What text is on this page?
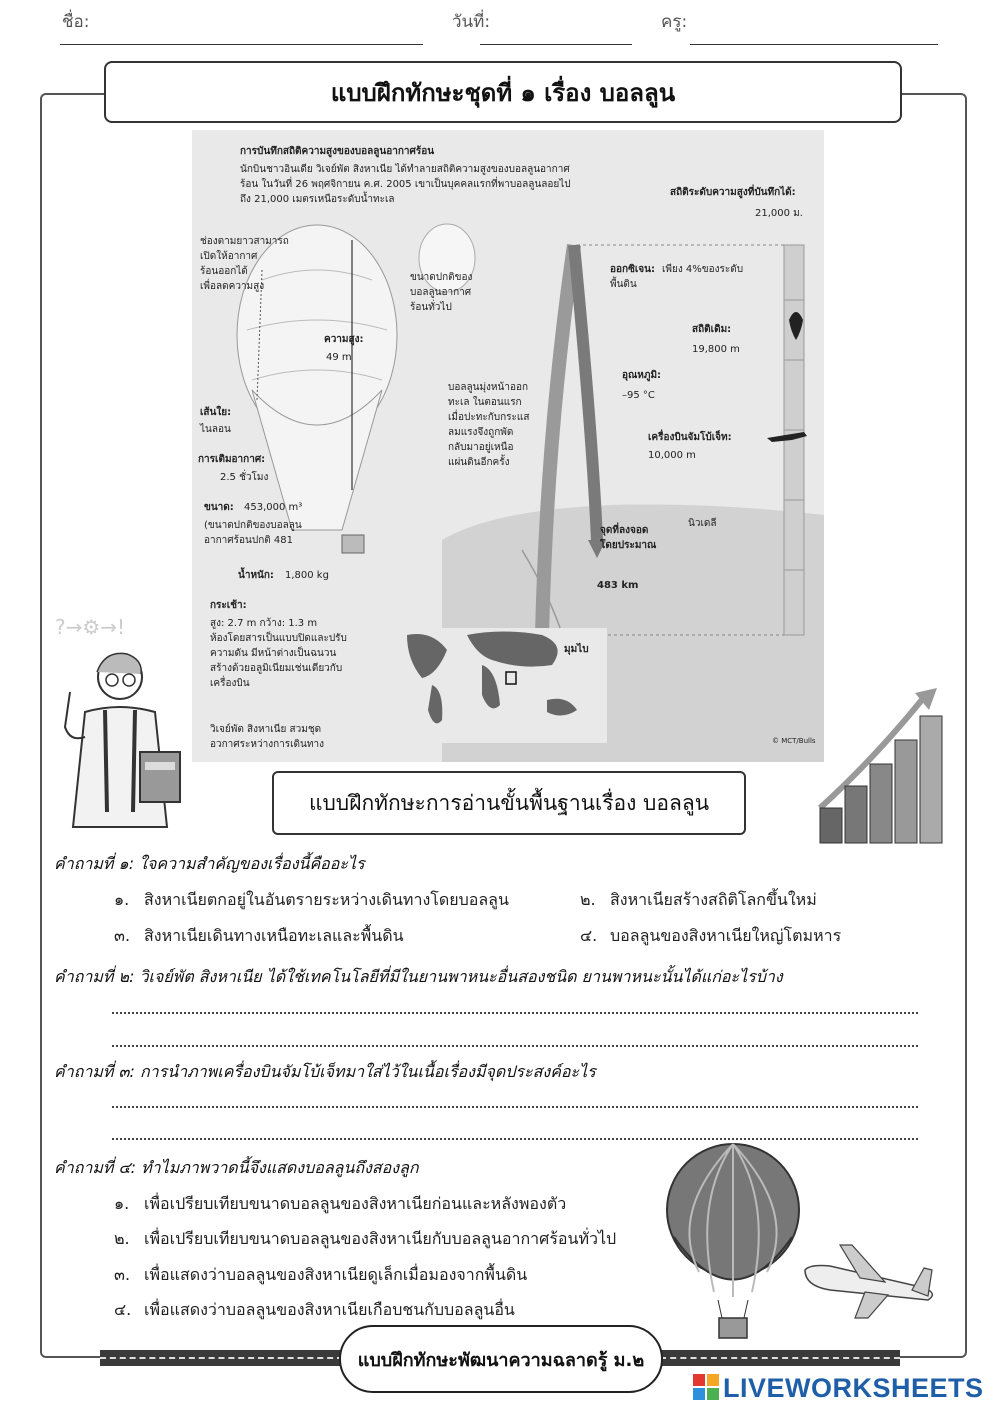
ชื่อ:	วันที่:	ครู:
แบบฝึกทักษะชุดที่ ๑ เรื่อง บอลลูน
การบันทึกสถิติความสูงของบอลลูนอากาศร้อน
นักบินชาวอินเดีย วิเจย์พัต สิงหาเนีย ได้ทำลายสถิติความสูงของบอลลูนอากาศ
ร้อน ในวันที่ 26 พฤศจิกายน ค.ศ. 2005 เขาเป็นบุคคลแรกที่พาบอลลูนลอยไป
ถึง 21,000 เมตรเหนือระดับน้ำทะเล
สถิติระดับความสูงที่บันทึกได้:
21,000 ม.
ช่องตามยาวสามารถ
เปิดให้อากาศ
ร้อนออกได้
เพื่อลดความสูง
ขนาดปกติของ
บอลลูนอากาศ
ร้อนทั่วไป
ความสูง:
49 m
ออกซิเจน: เพียง 4%ของระดับ
พื้นดิน
สถิติเดิม:
19,800 m
อุณหภูมิ:
–95 °C
เครื่องบินจัมโบ้เจ็ท:
10,000 m
เส้นใย:
ไนลอน
การเติมอากาศ:
2.5 ชั่วโมง
บอลลูนมุ่งหน้าออก
ทะเล ในตอนแรก
เมื่อปะทะกับกระแส
ลมแรงจึงถูกพัด
กลับมาอยู่เหนือ
แผ่นดินอีกครั้ง
ขนาด: 453,000 m³
(ขนาดปกติของบอลลูน
อากาศร้อนปกติ 481
จุดที่ลงจอด
โดยประมาณ
นิวเดลี
483 km
น้ำหนัก: 1,800 kg
กระเช้า:
สูง: 2.7 m กว้าง: 1.3 m
ห้องโดยสารเป็นแบบปิดและปรับ
ความดัน มีหน้าต่างเป็นฉนวน
สร้างด้วยอลูมิเนียมเช่นเดียวกับ
เครื่องบิน
วิเจย์พัต สิงหาเนีย สวมชุด
อวกาศระหว่างการเดินทาง
มุมไบ
© MCT/Bulls
?→⚙→!
แบบฝึกทักษะการอ่านขั้นพื้นฐานเรื่อง บอลลูน
คำถามที่ ๑: ใจความสำคัญของเรื่องนี้คืออะไร
๑. สิงหาเนียตกอยู่ในอันตรายระหว่างเดินทางโดยบอลลูน	๒. สิงหาเนียสร้างสถิติโลกขึ้นใหม่
๓. สิงหาเนียเดินทางเหนือทะเลและพื้นดิน	๔. บอลลูนของสิงหาเนียใหญ่โตมหาร
คำถามที่ ๒: วิเจย์พัต สิงหาเนีย ได้ใช้เทคโนโลยีที่มีในยานพาหนะอื่นสองชนิด ยานพาหนะนั้นได้แก่อะไรบ้าง
คำถามที่ ๓: การนำภาพเครื่องบินจัมโบ้เจ็ทมาใส่ไว้ในเนื้อเรื่องมีจุดประสงค์อะไร
คำถามที่ ๔: ทำไมภาพวาดนี้จึงแสดงบอลลูนถึงสองลูก
๑. เพื่อเปรียบเทียบขนาดบอลลูนของสิงหาเนียก่อนและหลังพองตัว
๒. เพื่อเปรียบเทียบขนาดบอลลูนของสิงหาเนียกับบอลลูนอากาศร้อนทั่วไป
๓. เพื่อแสดงว่าบอลลูนของสิงหาเนียดูเล็กเมื่อมองจากพื้นดิน
๔. เพื่อแสดงว่าบอลลูนของสิงหาเนียเกือบชนกับบอลลูนอื่น
แบบฝึกทักษะพัฒนาความฉลาดรู้ ม.๒
LIVEWORKSHEETS
